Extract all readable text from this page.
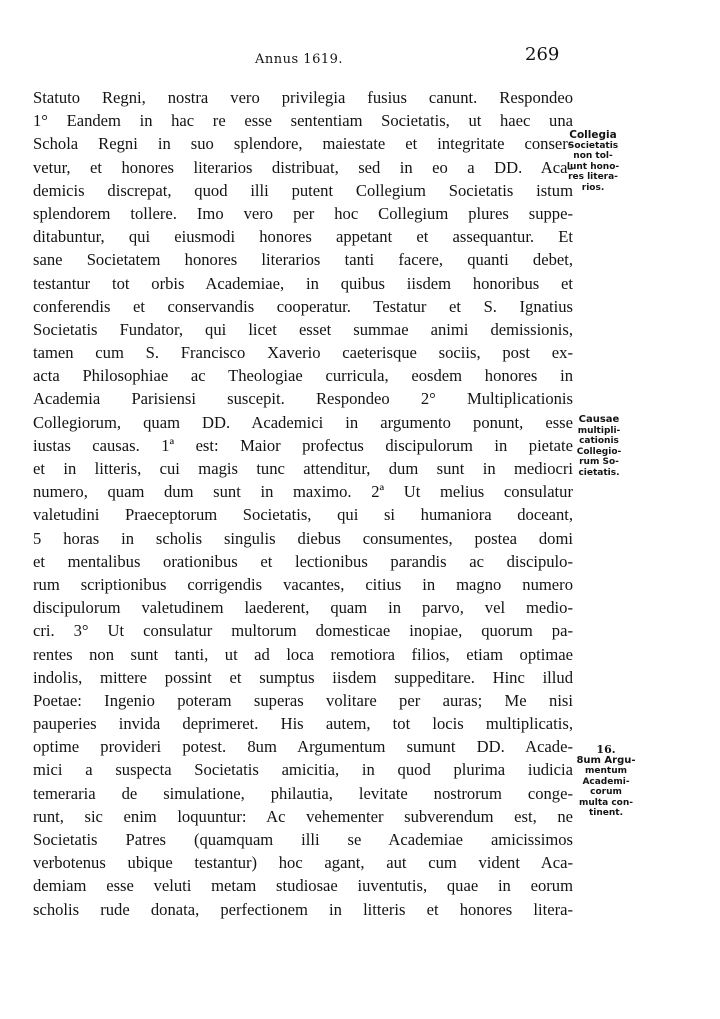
Annus 1619.	269
Statuto Regni, nostra vero privilegia fusius canunt. Respondeo
1° Eandem in hac re esse sententiam Societatis, ut haec una
Schola Regni in suo splendore, maiestate et integritate conser-
vetur, et honores literarios distribuat, sed in eo a DD. Aca-
demicis discrepat, quod illi putent Collegium Societatis istum
splendorem tollere. Imo vero per hoc Collegium plures suppe-
ditabuntur, qui eiusmodi honores appetant et assequantur. Et
sane Societatem honores literarios tanti facere, quanti debet,
testantur tot orbis Academiae, in quibus iisdem honoribus et
conferendis et conservandis cooperatur. Testatur et S. Ignatius
Societatis Fundator, qui licet esset summae animi demissionis,
tamen cum S. Francisco Xaverio caeterisque sociis, post ex-
acta Philosophiae ac Theologiae curricula, eosdem honores in
Academia Parisiensi suscepit. Respondeo 2° Multiplicationis
Collegiorum, quam DD. Academici in argumento ponunt, esse
iustas causas. 1ª est: Maior profectus discipulorum in pietate
et in litteris, cui magis tunc attenditur, dum sunt in mediocri
numero, quam dum sunt in maximo. 2ª Ut melius consulatur
valetudini Praeceptorum Societatis, qui si humaniora doceant,
5 horas in scholis singulis diebus consumentes, postea domi
et mentalibus orationibus et lectionibus parandis ac discipulo-
rum scriptionibus corrigendis vacantes, citius in magno numero
discipulorum valetudinem laederent, quam in parvo, vel medio-
cri. 3° Ut consulatur multorum domesticae inopiae, quorum pa-
rentes non sunt tanti, ut ad loca remotiora filios, etiam optimae
indolis, mittere possint et sumptus iisdem suppeditare. Hinc illud
Poetae: Ingenio poteram superas volitare per auras; Me nisi
pauperies invida deprimeret. His autem, tot locis multiplicatis,
optime provideri potest. 8um Argumentum sumunt DD. Acade-
mici a suspecta Societatis amicitia, in quod plurima iudicia
temeraria de simulatione, philautia, levitate nostrorum conge-
runt, sic enim loquuntur: Ac vehementer subverendum est, ne
Societatis Patres (quamquam illi se Academiae amicissimos
verbotenus ubique testantur) hoc agant, aut cum vident Aca-
demiam esse veluti metam studiosae iuventutis, quae in eorum
scholis rude donata, perfectionem in litteris et honores litera-
Collegia
Societatis
non tol-
lunt hono-
res litera-
rios.
Causae
multipli-
cationis
Collegio-
rum So-
cietatis.
16.
8um Argu-
mentum
Academi-
corum
multa con-
tinent.
